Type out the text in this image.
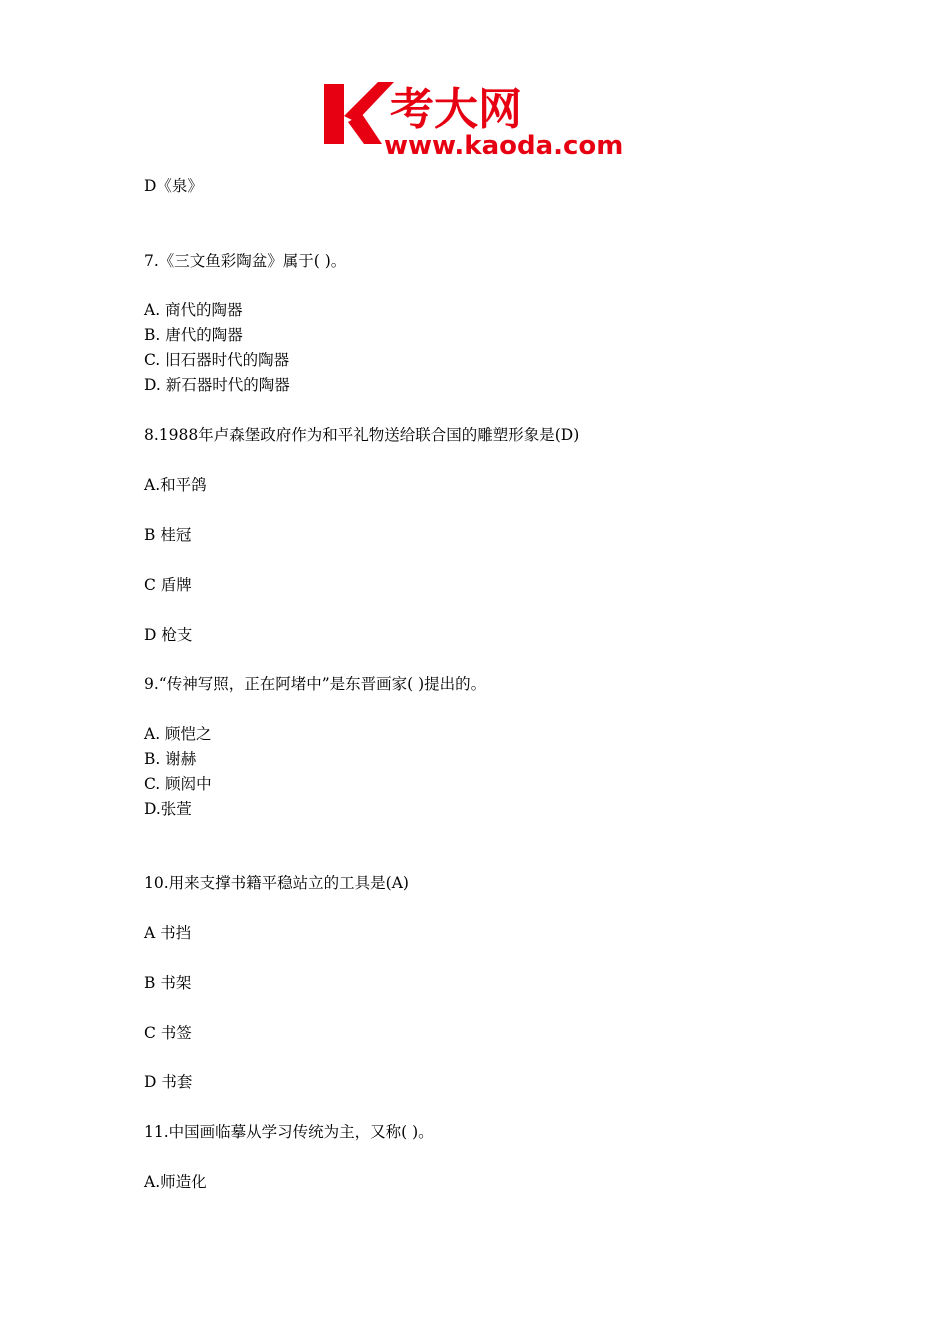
考大网
www.kaoda.com
D《泉》
7.《三文鱼彩陶盆》属于( )。
A. 商代的陶器
B. 唐代的陶器
C. 旧石器时代的陶器
D. 新石器时代的陶器
8.1988年卢森堡政府作为和平礼物送给联合国的雕塑形象是(D)
A.和平鸽
B 桂冠
C 盾牌
D 枪支
9.“传神写照，正在阿堵中”是东晋画家( )提出的。
A. 顾恺之
B. 谢赫
C. 顾闳中
D.张萱
10.用来支撑书籍平稳站立的工具是(A)
A 书挡
B 书架
C 书签
D 书套
11.中国画临摹从学习传统为主，又称( )。
A.师造化
